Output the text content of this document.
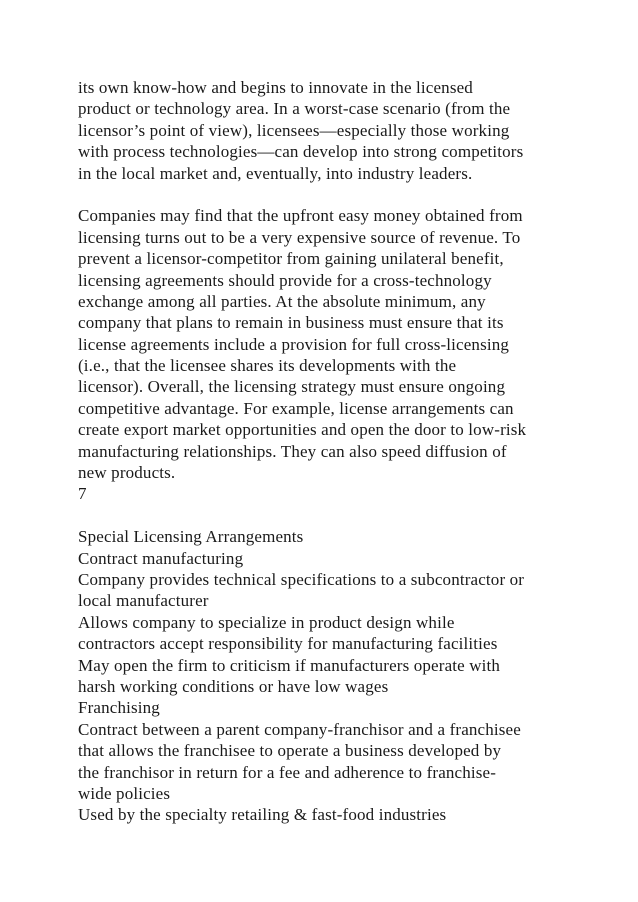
its own know-how and begins to innovate in the licensed
product or technology area. In a worst-case scenario (from the
licensor’s point of view), licensees—especially those working
with process technologies—can develop into strong competitors
in the local market and, eventually, into industry leaders.
Companies may find that the upfront easy money obtained from
licensing turns out to be a very expensive source of revenue. To
prevent a licensor-competitor from gaining unilateral benefit,
licensing agreements should provide for a cross-technology
exchange among all parties. At the absolute minimum, any
company that plans to remain in business must ensure that its
license agreements include a provision for full cross-licensing
(i.e., that the licensee shares its developments with the
licensor). Overall, the licensing strategy must ensure ongoing
competitive advantage. For example, license arrangements can
create export market opportunities and open the door to low-risk
manufacturing relationships. They can also speed diffusion of
new products.
7
Special Licensing Arrangements
Contract manufacturing
Company provides technical specifications to a subcontractor or
local manufacturer
Allows company to specialize in product design while
contractors accept responsibility for manufacturing facilities
May open the firm to criticism if manufacturers operate with
harsh working conditions or have low wages
Franchising
Contract between a parent company-franchisor and a franchisee
that allows the franchisee to operate a business developed by
the franchisor in return for a fee and adherence to franchise-
wide policies
Used by the specialty retailing & fast-food industries
